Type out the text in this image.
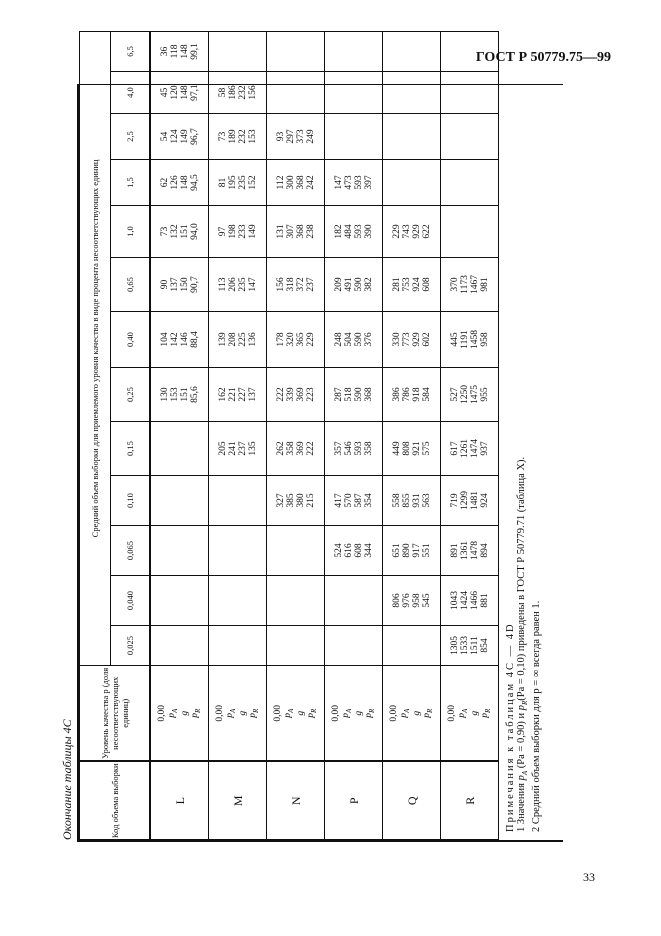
ГОСТ Р 50779.75—99
Окончание таблицы 4С	Код объема выборки	Уровень качества p (доля несоответствующих единиц)	Средний объем выборки для приемлемого уровня качества в виде процента несоответствующих единиц												
		0,025	0,040	0,065	0,10	0,15	0,25	0,40	0,65	1,0	1,5	2,5	4,0	6,5
L	0,00 $p_A$ g $p_R$						130 153 151 85,6	104 142 146 88,4	90 137 150 90,7	73 132 151 94,0	62 126 148 94,5	54 124 149 96,7	45 120 148 97,1	36 118 148 99,1

M	0,00 $p_A$ g $p_R$					205 241 237 135	162 221 227 137	139 208 225 136	113 206 235 147	97 198 233 149	81 195 235 152	73 189 232 153	58 186 232 156	

N	0,00 $p_A$ g $p_R$				327 385 380 215	262 358 369 222	222 339 369 223	178 320 365 229	156 318 372 237	131 307 368 238	112 300 368 242	93 297 373 249		

P	0,00 $p_A$ g $p_R$			524 616 608 344	417 570 587 354	357 546 593 358	287 518 590 368	248 504 590 376	209 491 590 382	182 484 593 390	147 473 593 397			

Q	0,00 $p_A$ g $p_R$		806 976 958 545	651 890 917 551	558 855 931 563	449 808 921 575	386 786 918 584	330 773 929 602	281 753 924 608	229 743 929 622				

R	0,00 $p_A$ g $p_R$	1305 1533 1511 854	1043 1424 1466 881	891 1361 1478 894	719 1299 1481 924	617 1261 1474 937	527 1250 1475 955	445 1191 1458 958	370 1173 1467 981					

Примечания к таблицам 4С — 4D 1 Значения $p_A$ (Pa = 0,90) и $p_R(Pa = 0,10)$ приведены в ГОСТ Р 50779.71 (таблица X).
2 Средний объем выборки для p = ∞ всегда равен 1.
33
